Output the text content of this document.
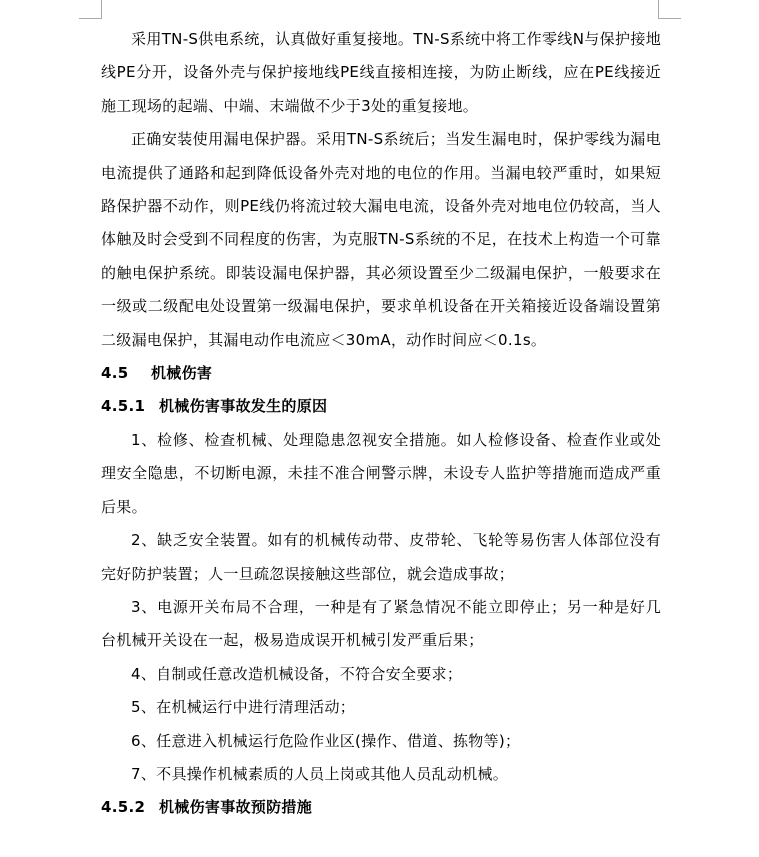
采用TN-S供电系统，认真做好重复接地。TN-S系统中将工作零线N与保护接地线PE分开，设备外壳与保护接地线PE线直接相连接，为防止断线，应在PE线接近施工现场的起端、中端、末端做不少于3处的重复接地。

正确安装使用漏电保护器。采用TN-S系统后；当发生漏电时，保护零线为漏电电流提供了通路和起到降低设备外壳对地的电位的作用。当漏电较严重时，如果短路保护器不动作，则PE线仍将流过较大漏电电流，设备外壳对地电位仍较高，当人体触及时会受到不同程度的伤害，为克服TN-S系统的不足，在技术上构造一个可靠的触电保护系统。即装设漏电保护器，其必须设置至少二级漏电保护，一般要求在一级或二级配电处设置第一级漏电保护，要求单机设备在开关箱接近设备端设置第二级漏电保护，其漏电动作电流应＜30mA，动作时间应＜0.1s。

4.5 机械伤害

4.5.1 机械伤害事故发生的原因

1、检修、检查机械、处理隐患忽视安全措施。如人检修设备、检查作业或处理安全隐患，不切断电源，未挂不准合闸警示牌，未设专人监护等措施而造成严重后果。

2、缺乏安全装置。如有的机械传动带、皮带轮、飞轮等易伤害人体部位没有完好防护装置；人一旦疏忽误接触这些部位，就会造成事故；

3、电源开关布局不合理，一种是有了紧急情况不能立即停止；另一种是好几台机械开关设在一起，极易造成误开机械引发严重后果；

4、自制或任意改造机械设备，不符合安全要求；

5、在机械运行中进行清理活动；

6、任意进入机械运行危险作业区(操作、借道、拣物等)；

7、不具操作机械素质的人员上岗或其他人员乱动机械。

4.5.2 机械伤害事故预防措施
